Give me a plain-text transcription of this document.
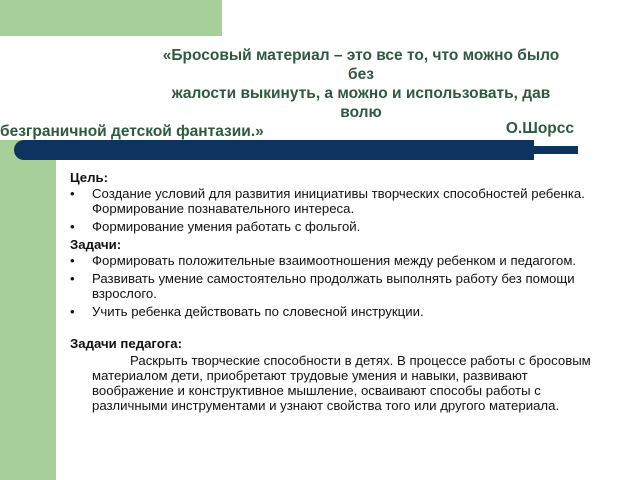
«Бросовый материал – это все то, что можно было без
жалости выкинуть, а можно и использовать, дав волю
безграничной детской фантазии.»	О.Шорсс

Цель:

• Создание условий для развития инициативы творческих способностей ребенка. Формирование познавательного интереса.
• Формирование умения работать с фольгой.

Задачи:

• Формировать положительные взаимоотношения между ребенком и педагогом.
• Развивать умение самостоятельно продолжать выполнять работу без помощи взрослого.
• Учить ребенка действовать по словесной инструкции.

Задачи педагога:

Раскрыть творческие способности в детях. В процессе работы с бросовым материалом дети, приобретают трудовые умения и навыки, развивают воображение и конструктивное мышление, осваивают способы работы с различными инструментами и узнают свойства того или другого материала.
